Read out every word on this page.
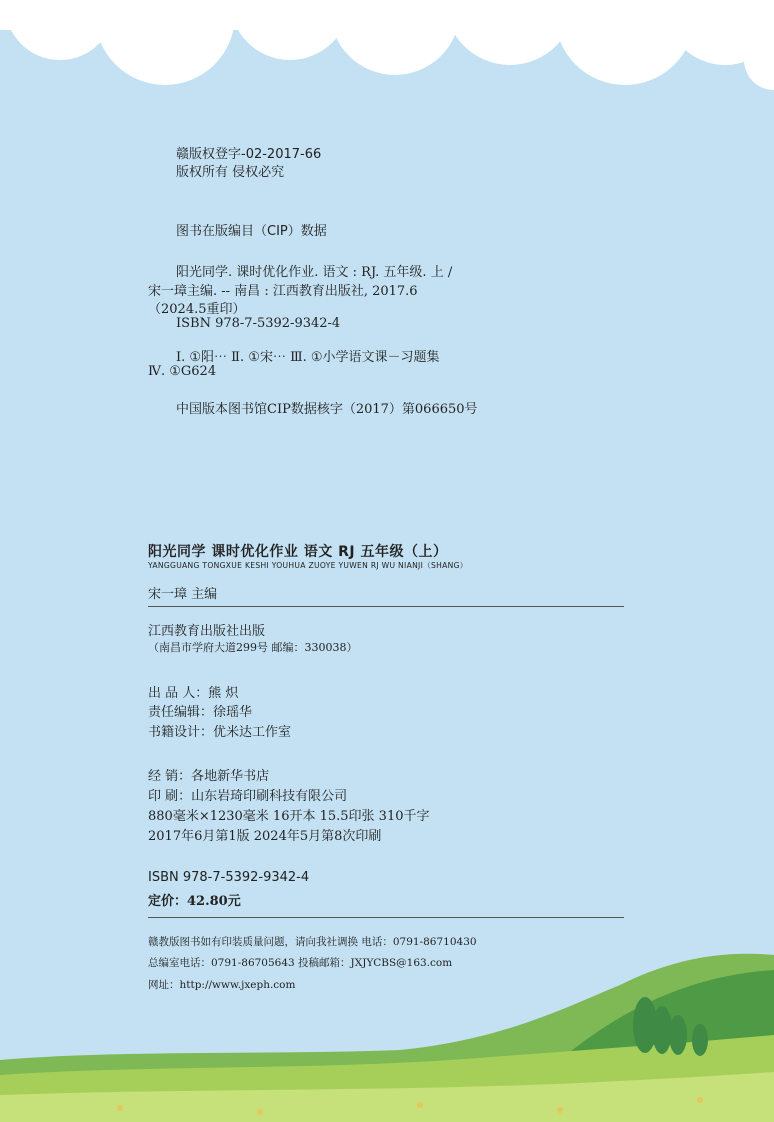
赣版权登字-02-2017-66
版权所有 侵权必究
图书在版编目（CIP）数据
阳光同学. 课时优化作业. 语文 : RJ. 五年级. 上 /
宋一璋主编. -- 南昌 : 江西教育出版社, 2017.6
（2024.5重印）
ISBN 978-7-5392-9342-4
Ⅰ. ①阳⋯ Ⅱ. ①宋⋯ Ⅲ. ①小学语文课－习题集
Ⅳ. ①G624
中国版本图书馆CIP数据核字（2017）第066650号
阳光同学 课时优化作业 语文 RJ 五年级（上）
YANGGUANG TONGXUE KESHI YOUHUA ZUOYE YUWEN RJ WU NIANJI（SHANG）
宋一璋 主编
江西教育出版社出版
（南昌市学府大道299号 邮编：330038）
出 品 人：熊 炽
责任编辑：徐瑶华
书籍设计：优米达工作室
经 销：各地新华书店
印 刷：山东岩琦印刷科技有限公司
880毫米×1230毫米 16开本 15.5印张 310千字
2017年6月第1版 2024年5月第8次印刷
ISBN 978-7-5392-9342-4
定价：42.80元
赣教版图书如有印装质量问题，请向我社调换 电话：0791-86710430
总编室电话：0791-86705643 投稿邮箱：JXJYCBS@163.com
网址：http://www.jxeph.com
